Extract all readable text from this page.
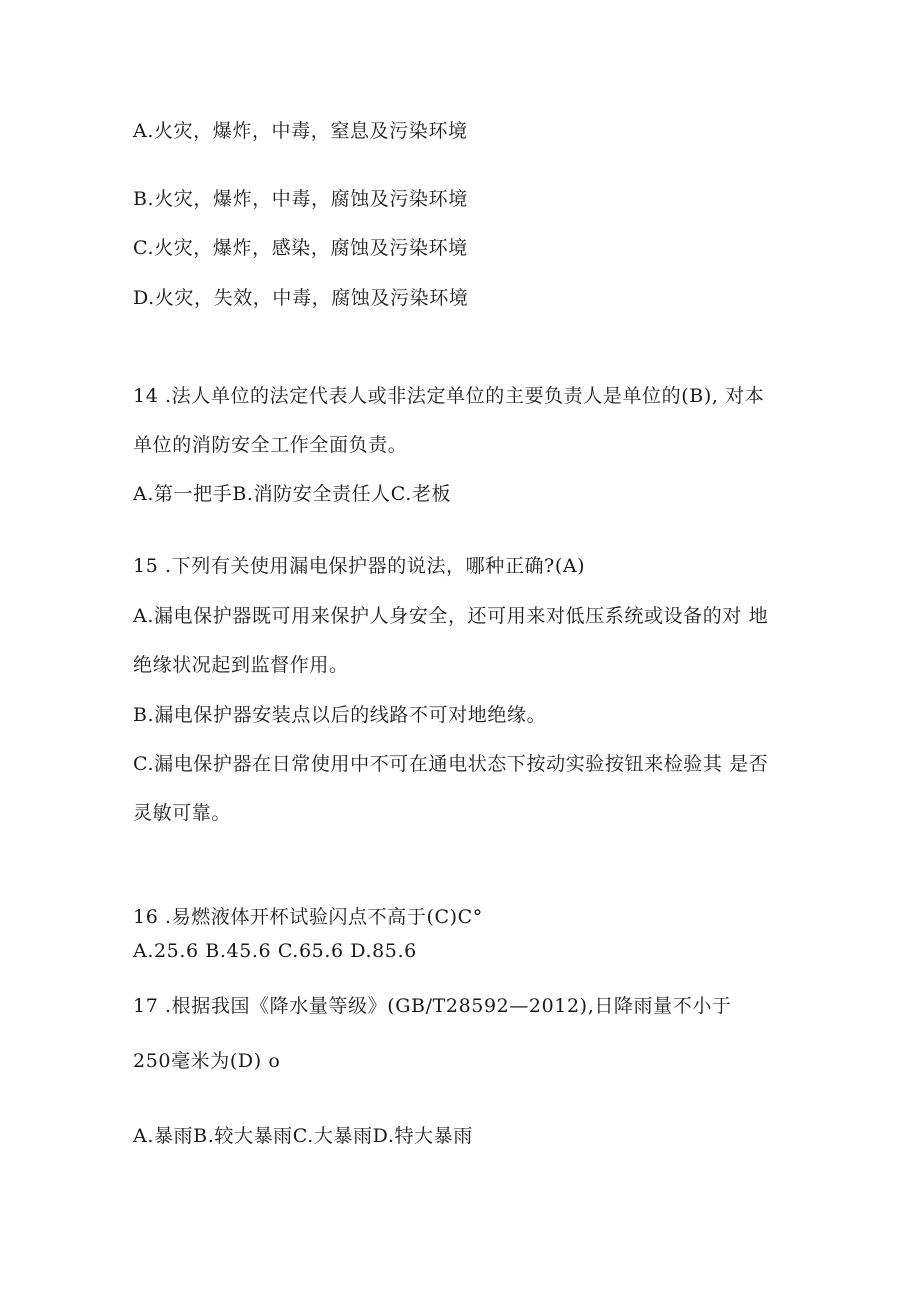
A.火灾，爆炸，中毒，窒息及污染环境
B.火灾，爆炸，中毒，腐蚀及污染环境
C.火灾，爆炸，感染，腐蚀及污染环境
D.火灾，失效，中毒，腐蚀及污染环境
14 .法人单位的法定代表人或非法定单位的主要负责人是单位的(B), 对本
单位的消防安全工作全面负责。
A.第一把手B.消防安全责任人C.老板
15 .下列有关使用漏电保护器的说法，哪种正确?(A)
A.漏电保护器既可用来保护人身安全，还可用来对低压系统或设备的对 地
绝缘状况起到监督作用。
B.漏电保护器安装点以后的线路不可对地绝缘。
C.漏电保护器在日常使用中不可在通电状态下按动实验按钮来检验其 是否
灵敏可靠。
16 .易燃液体开杯试验闪点不高于(C)C°
A.25.6 B.45.6 C.65.6 D.85.6
17 .根据我国《降水量等级》(GB/T28592—2012),日降雨量不小于
250毫米为(D) o
A.暴雨B.较大暴雨C.大暴雨D.特大暴雨
